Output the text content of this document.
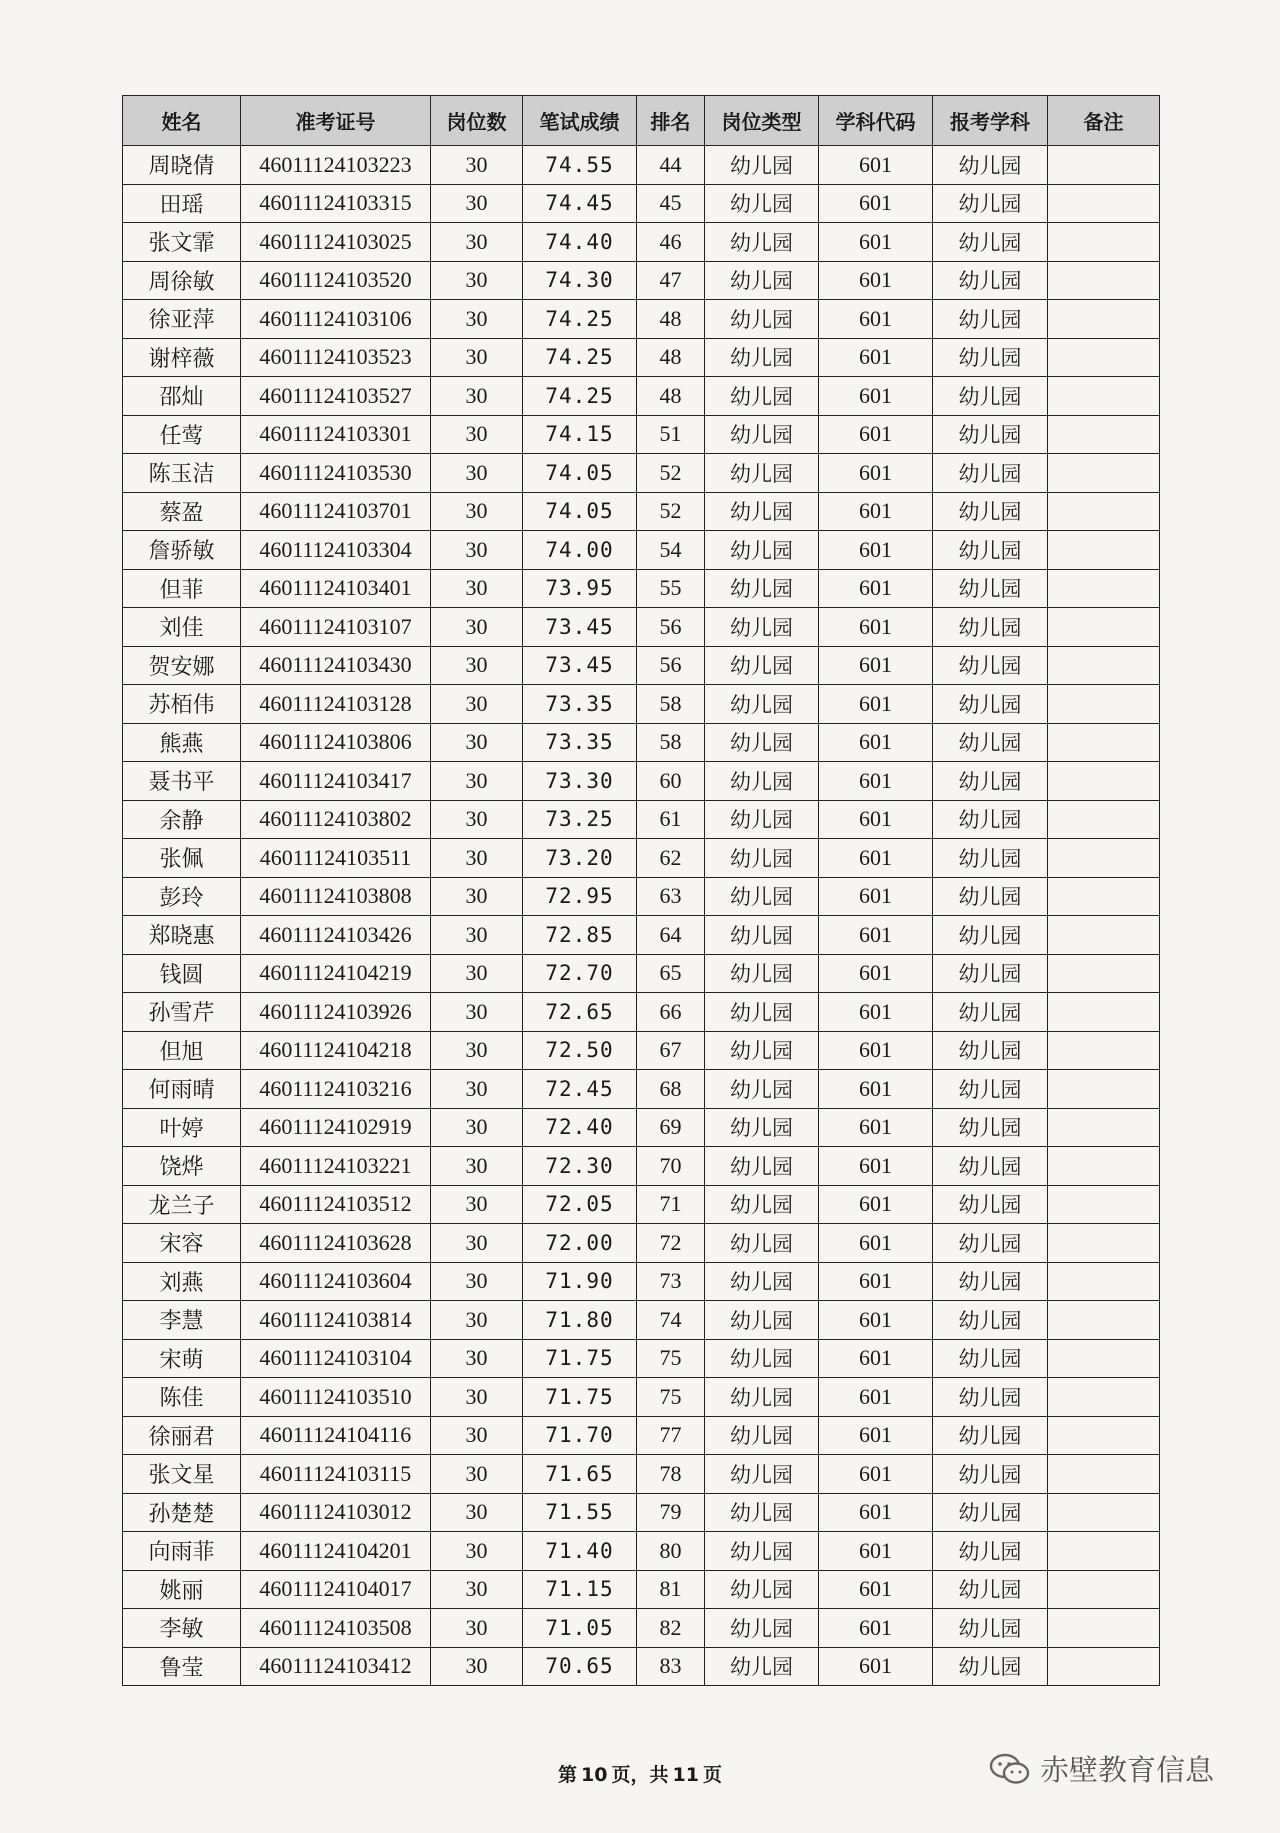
姓名	准考证号	岗位数	笔试成绩	排名	岗位类型	学科代码	报考学科	备注
周晓倩	46011124103223	30	74.55	44	幼儿园	601	幼儿园	
田瑶	46011124103315	30	74.45	45	幼儿园	601	幼儿园	
张文霏	46011124103025	30	74.40	46	幼儿园	601	幼儿园	
周徐敏	46011124103520	30	74.30	47	幼儿园	601	幼儿园	
徐亚萍	46011124103106	30	74.25	48	幼儿园	601	幼儿园	
谢梓薇	46011124103523	30	74.25	48	幼儿园	601	幼儿园	
邵灿	46011124103527	30	74.25	48	幼儿园	601	幼儿园	
任莺	46011124103301	30	74.15	51	幼儿园	601	幼儿园	
陈玉洁	46011124103530	30	74.05	52	幼儿园	601	幼儿园	
蔡盈	46011124103701	30	74.05	52	幼儿园	601	幼儿园	
詹骄敏	46011124103304	30	74.00	54	幼儿园	601	幼儿园	
但菲	46011124103401	30	73.95	55	幼儿园	601	幼儿园	
刘佳	46011124103107	30	73.45	56	幼儿园	601	幼儿园	
贺安娜	46011124103430	30	73.45	56	幼儿园	601	幼儿园	
苏栢伟	46011124103128	30	73.35	58	幼儿园	601	幼儿园	
熊燕	46011124103806	30	73.35	58	幼儿园	601	幼儿园	
聂书平	46011124103417	30	73.30	60	幼儿园	601	幼儿园	
余静	46011124103802	30	73.25	61	幼儿园	601	幼儿园	
张佩	46011124103511	30	73.20	62	幼儿园	601	幼儿园	
彭玲	46011124103808	30	72.95	63	幼儿园	601	幼儿园	
郑晓惠	46011124103426	30	72.85	64	幼儿园	601	幼儿园	
钱圆	46011124104219	30	72.70	65	幼儿园	601	幼儿园	
孙雪芹	46011124103926	30	72.65	66	幼儿园	601	幼儿园	
但旭	46011124104218	30	72.50	67	幼儿园	601	幼儿园	
何雨晴	46011124103216	30	72.45	68	幼儿园	601	幼儿园	
叶婷	46011124102919	30	72.40	69	幼儿园	601	幼儿园	
饶烨	46011124103221	30	72.30	70	幼儿园	601	幼儿园	
龙兰子	46011124103512	30	72.05	71	幼儿园	601	幼儿园	
宋容	46011124103628	30	72.00	72	幼儿园	601	幼儿园	
刘燕	46011124103604	30	71.90	73	幼儿园	601	幼儿园	
李慧	46011124103814	30	71.80	74	幼儿园	601	幼儿园	
宋萌	46011124103104	30	71.75	75	幼儿园	601	幼儿园	
陈佳	46011124103510	30	71.75	75	幼儿园	601	幼儿园	
徐丽君	46011124104116	30	71.70	77	幼儿园	601	幼儿园	
张文星	46011124103115	30	71.65	78	幼儿园	601	幼儿园	
孙楚楚	46011124103012	30	71.55	79	幼儿园	601	幼儿园	
向雨菲	46011124104201	30	71.40	80	幼儿园	601	幼儿园	
姚丽	46011124104017	30	71.15	81	幼儿园	601	幼儿园	
李敏	46011124103508	30	71.05	82	幼儿园	601	幼儿园	
鲁莹	46011124103412	30	70.65	83	幼儿园	601	幼儿园	
第 10 页，共 11 页	赤壁教育信息
